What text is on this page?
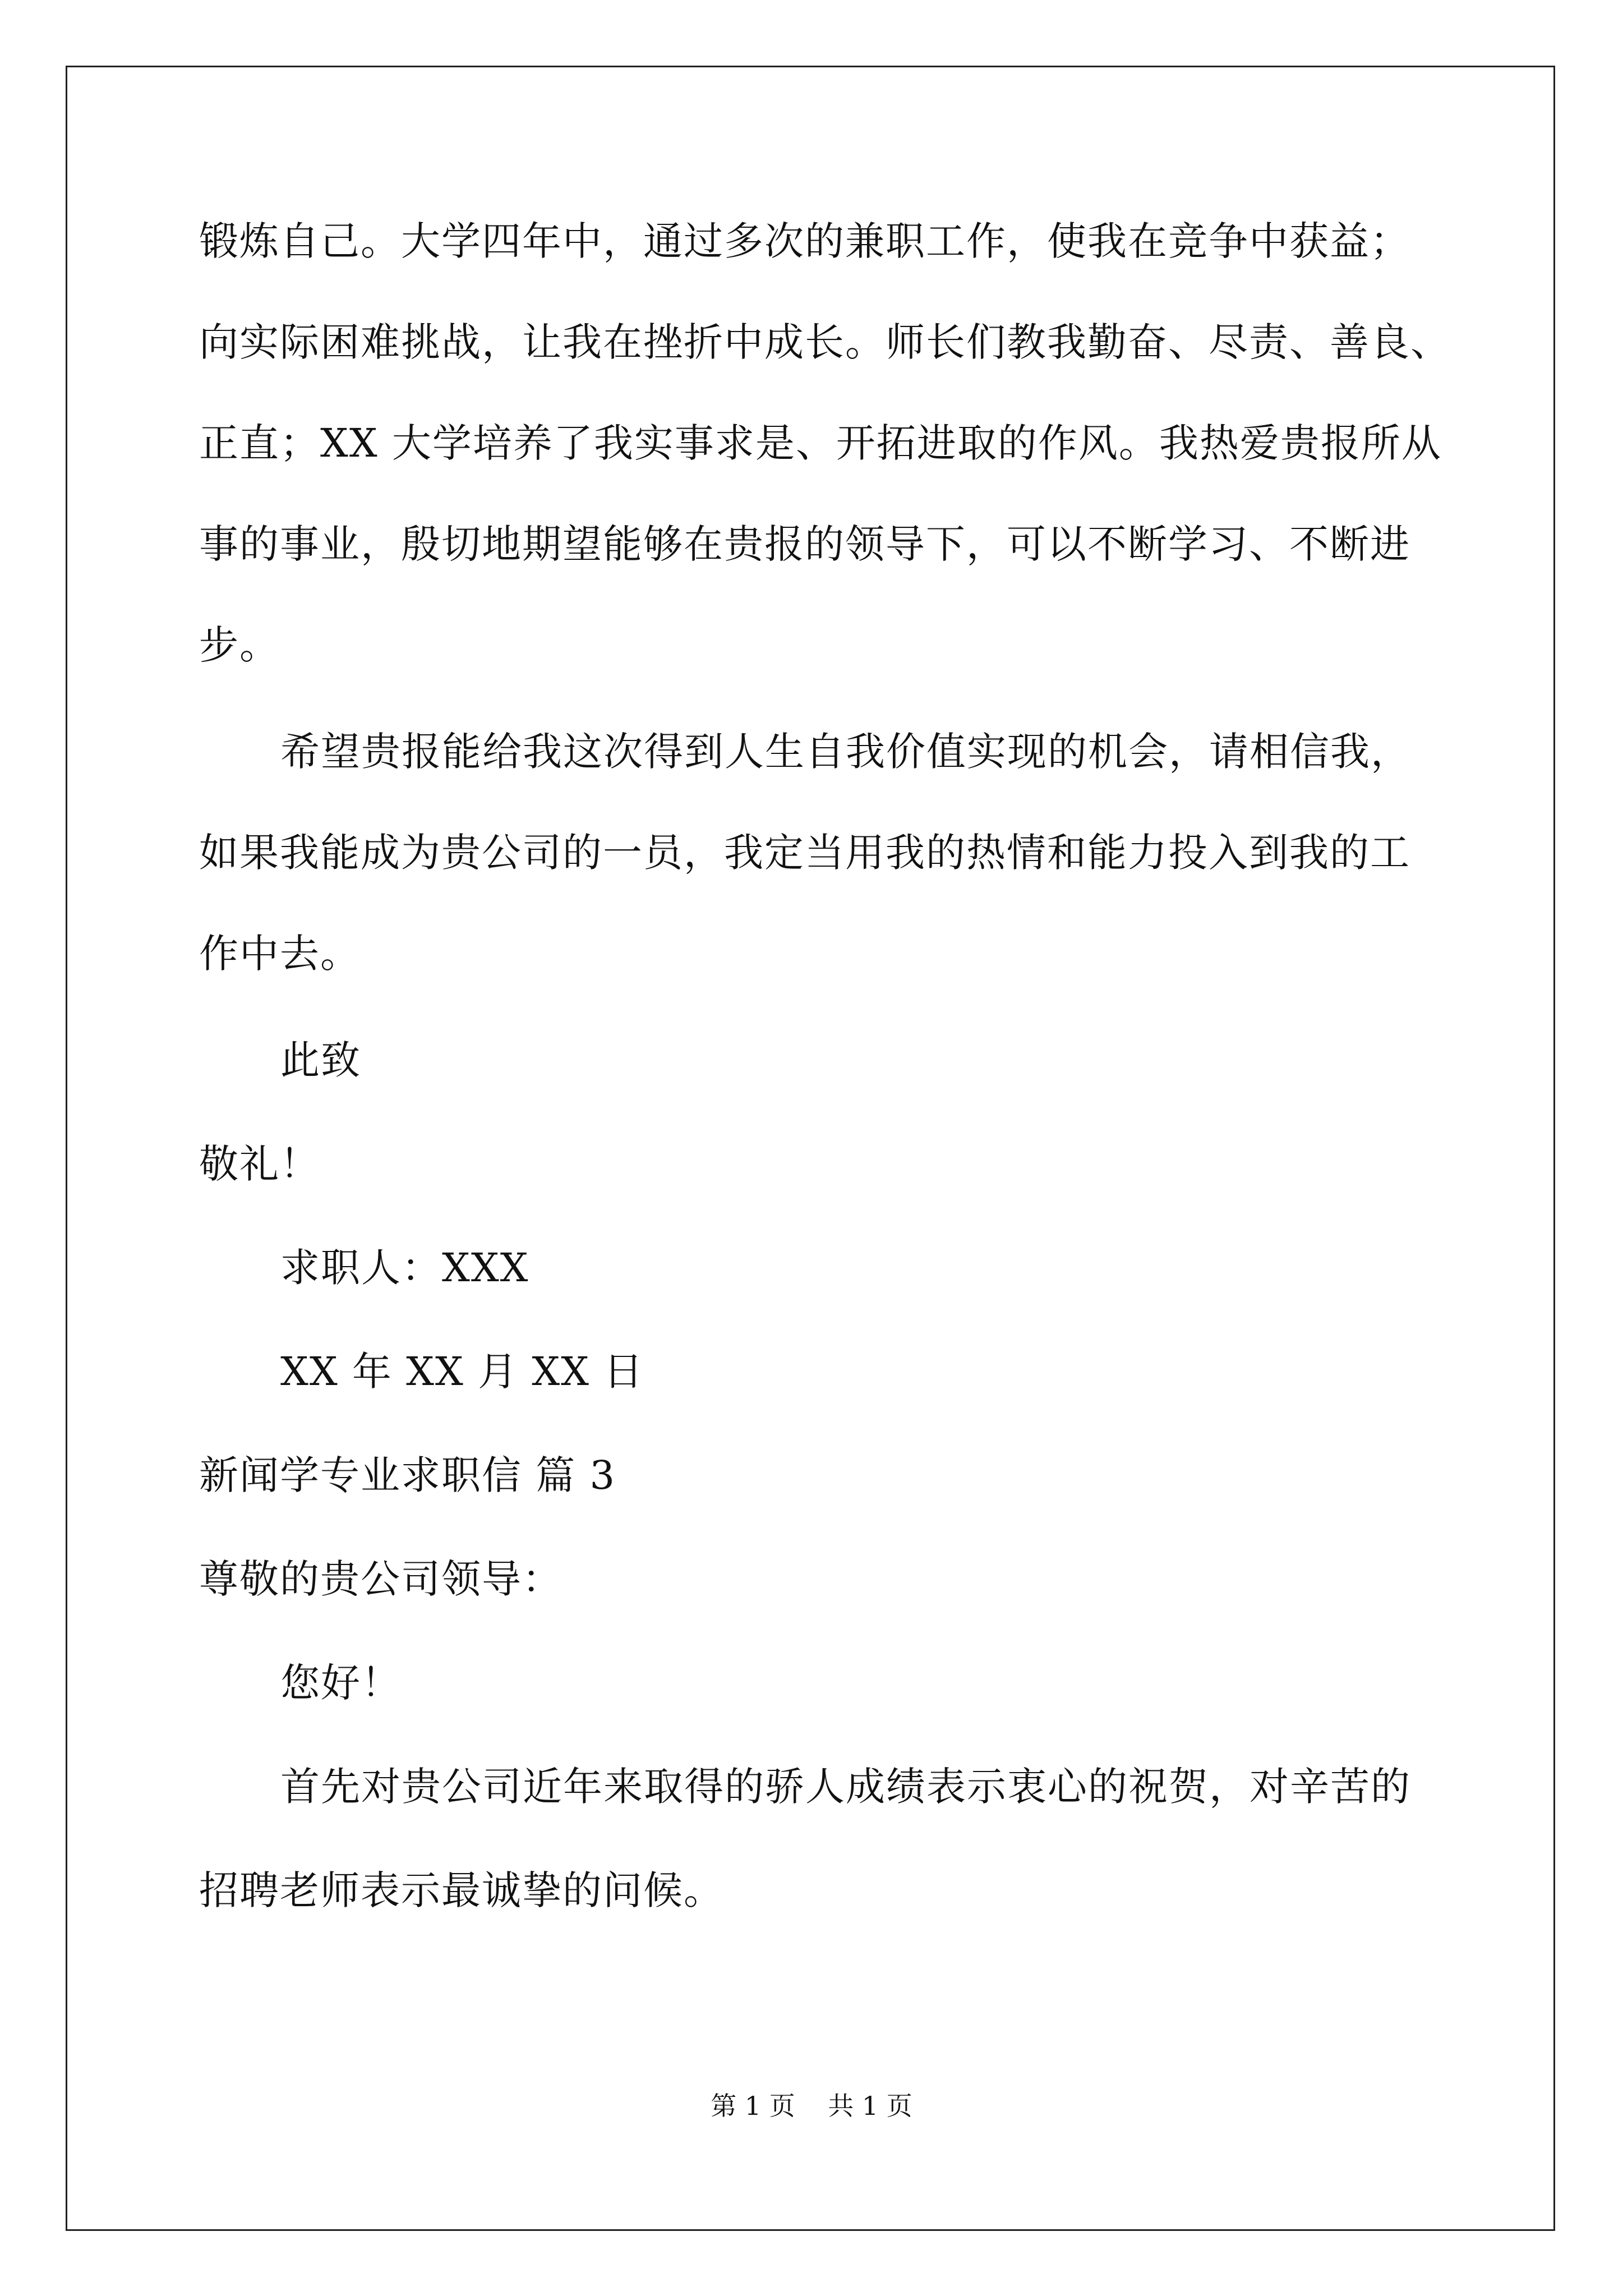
锻炼自己。大学四年中，通过多次的兼职工作，使我在竞争中获益；
向实际困难挑战，让我在挫折中成长。师长们教我勤奋、尽责、善良、
正直；XX 大学培养了我实事求是、开拓进取的作风。我热爱贵报所从
事的事业，殷切地期望能够在贵报的领导下，可以不断学习、不断进
步。
希望贵报能给我这次得到人生自我价值实现的机会，请相信我，
如果我能成为贵公司的一员，我定当用我的热情和能力投入到我的工
作中去。
此致
敬礼！
求职人：XXX
XX 年 XX 月 XX 日
新闻学专业求职信 篇 3
尊敬的贵公司领导：
您好！
首先对贵公司近年来取得的骄人成绩表示衷心的祝贺，对辛苦的
招聘老师表示最诚挚的问候。
第 1 页    共 1 页
